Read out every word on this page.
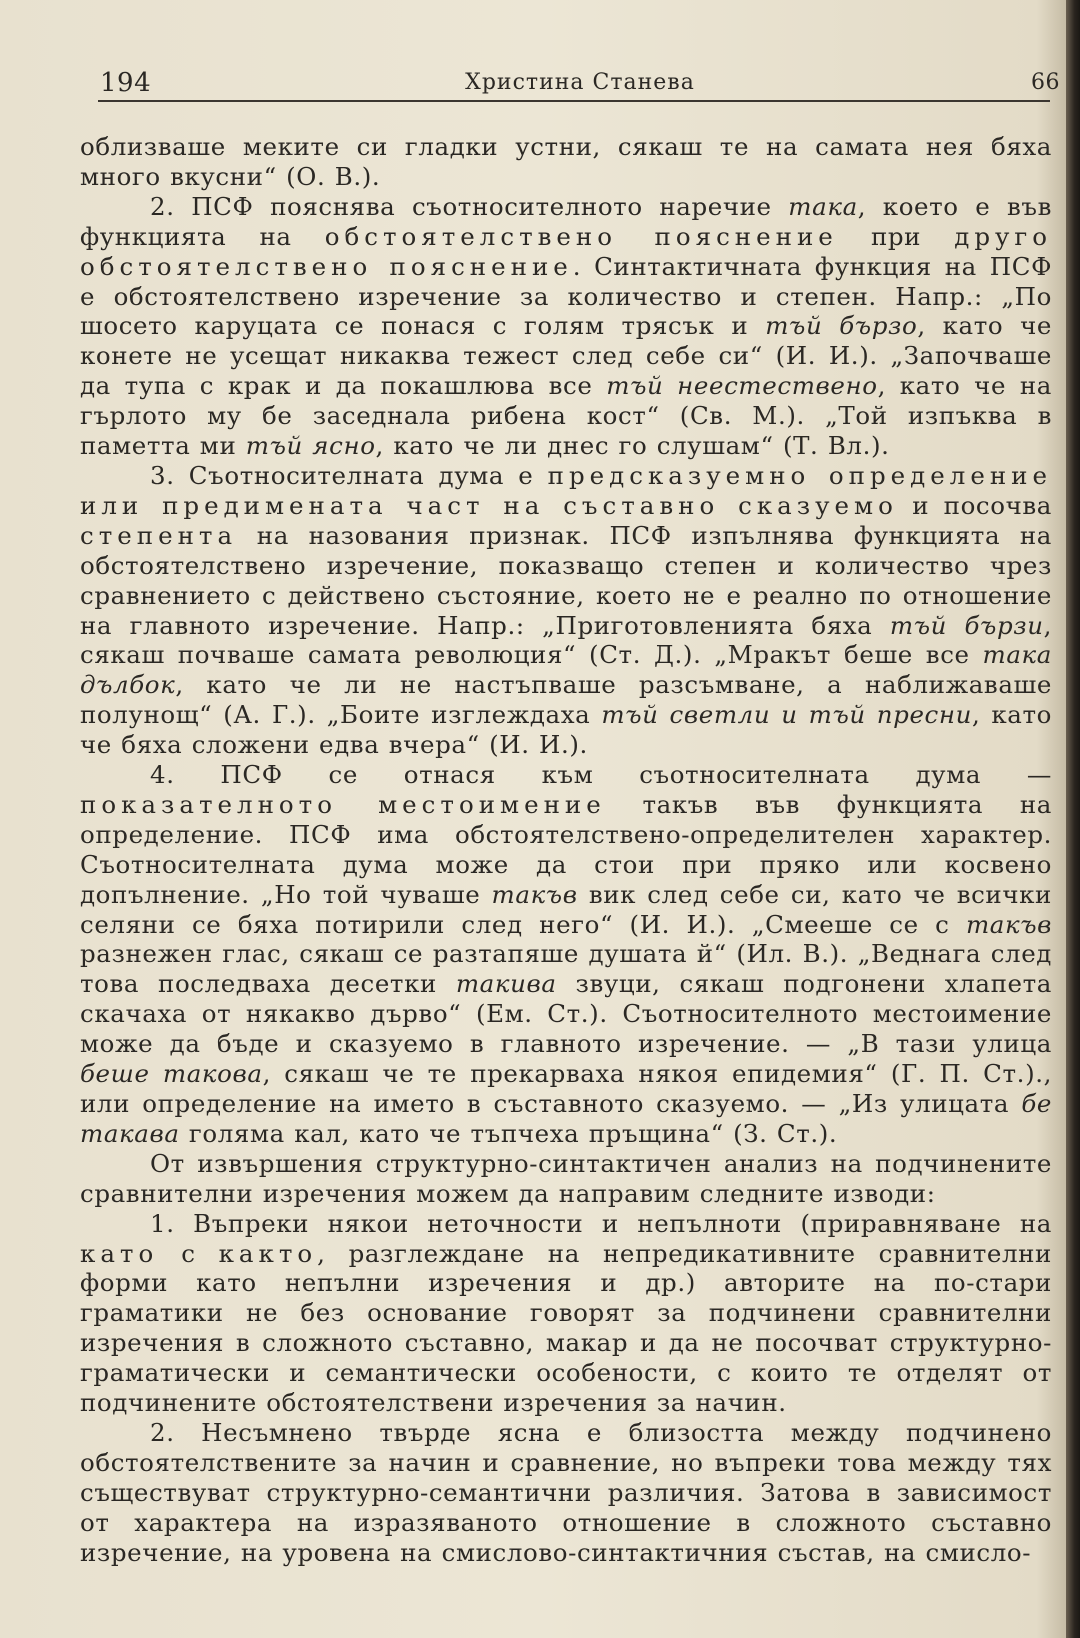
194	Христина Станева	66

облизваше меките си гладки устни, сякаш те на самата нея бяха много вкусни“ (О. В.).

2. ПСФ пояснява съотносителното наречие така, което е във функцията на обстоятелствено пояснение при друго обстоятелствено пояснение. Синтактичната функция на ПСФ е обстоятелствено изречение за количество и степен. Напр.: „По шосето каруцата се понася с голям трясък и тъй бързо, като че конете не усещат никаква тежест след себе си“ (И. И.). „Започваше да тупа с крак и да покашлюва все тъй неестествено, като че на гърлото му бе заседнала рибена кост“ (Св. М.). „Той изпъква в паметта ми тъй ясно, като че ли днес го слушам“ (Т. Вл.).

3. Съотносителната дума е предсказуемно определение или предимената част на съставно сказуемо и посочва степента на назования признак. ПСФ изпълнява функцията на обстоятелствено изречение, показващо степен и количество чрез сравнението с действено състояние, което не е реално по отношение на главното изречение. Напр.: „Приготовленията бяха тъй бързи, сякаш почваше самата революция“ (Ст. Д.). „Мракът беше все така дълбок, като че ли не настъпваше разсъмване, а наближаваше полунощ“ (А. Г.). „Боите изглеждаха тъй светли и тъй пресни, като че бяха сложени едва вчера“ (И. И.).

4. ПСФ се отнася към съотносителната дума — показателното местоимение такъв във функцията на определение. ПСФ има обстоятелствено-определителен характер. Съотносителната дума може да стои при пряко или косвено допълнение. „Но той чуваше такъв вик след себе си, като че всички селяни се бяха потирили след него“ (И. И.). „Смееше се с такъв разнежен глас, сякаш се разтапяше душата й“ (Ил. В.). „Веднага след това последваха десетки такива звуци, сякаш подгонени хлапета скачаха от някакво дърво“ (Ем. Ст.). Съотносителното местоимение може да бъде и сказуемо в главното изречение. — „В тази улица беше такова, сякаш че те прекарваха някоя епидемия“ (Г. П. Ст.)., или определение на името в съставното сказуемо. — „Из улицата бе такава голяма кал, като че тъпчеха пръщина“ (З. Ст.).

От извършения структурно-синтактичен анализ на подчинените сравнителни изречения можем да направим следните изводи:

1. Въпреки някои неточности и непълноти (приравняване на като с както, разглеждане на непредикативните сравнителни форми като непълни изречения и др.) авторите на по-стари граматики не без основание говорят за подчинени сравнителни изречения в сложното съставно, макар и да не посочват структурно-граматически и семантически особености, с които те отделят от подчинените обстоятелствени изречения за начин.

2. Несъмнено твърде ясна е близостта между подчинено обстоятелствените за начин и сравнение, но въпреки това между тях съществуват структурно-семантични различия. Затова в зависимост от характера на изразяваното отношение в сложното съставно изречение, на уровена на смислово-синтактичния състав, на смисло-
